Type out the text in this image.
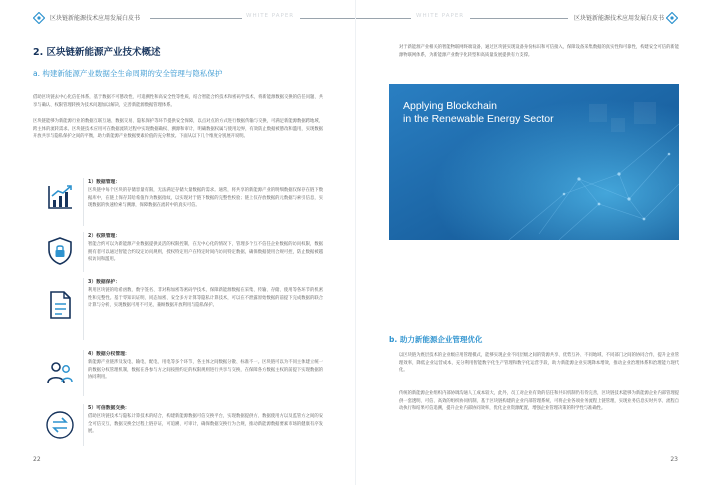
区块链新能源技术应用发展白皮书	WHITE PAPER
2. 区块链新能源产业技术概述
a. 构建新能源产业数据全生命周期的安全管理与隐私保护

借助区块链去中心化信任体系，基于数据不可篡改性、可追溯性和高安全性等性质，结合智能合约技术和密码学技术，将新能源数据交换的信任问题、共享与确认、权限管理转换为技术问题加以解决，完善新能源数据管理体系。

区块链能够为新能源行业的数据互联互通、数据交易、隐私保护等环节提供安全保障，以点对点的方式进行数据传输与交换，可满足新能源数据跨地域、跨主体的流转需求。区块链技术应用可在数据流转过程中实现数据确权、溯源和审计，明确数据权属与使用边界，有效防止数据被篡改和滥用，实现数据开放共享与隐私保护之间的平衡，助力新能源产业数据要素价值的充分释放。下面从以下几个维度分别展开说明。

1）数据管理：
区块链中每个区块的存储容量有限，无法满足存储大量数据的需求。通常，将共享的新能源产业的明细数据仅保存在链下数据库中，在链上保存其哈希值作为数据指纹，以实现对于链下数据的完整性校验；链上仅存放数据的元数据与索引信息，实现数据的快速检索与溯源，保障数据在流转中的真实可信。
2）权限管理：
智能合约可以为新能源产业数据提供灵活的权限控制，在无中心化的情况下，管理多个互不信任企业数据的访问权限，数据拥有者可以通过智能合约设定访问规则，授权特定用户在特定时间内访问特定数据，确保数据使用合规可控，防止数据被越权访问和滥用。
3）数据保护：
利用区块链的哈希函数、数字签名、非对称加密等密码学技术，保障新能源数据在采集、传输、存储、使用等各环节的机密性和完整性。基于零知识证明、同态加密、安全多方计算等隐私计算技术，可以在不泄露原始数据的前提下完成数据的联合计算与分析，实现数据可用不可见，兼顾数据开放利用与隐私保护。
4）数据分权管理：
新能源产业链涉及发电、输电、配电、用电等多个环节，各主体之间数据分散、标准不一。区块链可以为不同主体建立统一的数据分权管理机制，数据在各参与方之间按照约定的权限规则进行共享与交换，在保障各方数据主权的前提下实现数据的协同利用。
5）可信数据交换：
借助区块链技术与隐私计算技术的结合，构建新能源数据可信交换平台，实现数据提供方、数据使用方以及监管方之间的安全可信交互，数据交换全过程上链存证，可追溯、可审计，确保数据交换行为合规，推动新能源数据要素市场的健康有序发展。
22
WHITE PAPER	区块链新能源技术应用发展白皮书

对于新能源产业相关的智能物联网终端设备，通过区块链实现设备身份标识和可信接入，保障设备采集数据的真实性和可靠性，构建安全可信的新能源物联网体系，为新能源产业数字化转型和高质量发展提供有力支撑。

Applying Blockchain
in the Renewable Energy Sector
b. 助力新能源企业管理优化

以区块链为底层技术的企业级应用管理模式，能够实现企业不同层级之间的资源共享、优势互补、不同地域、不同部门之间的协同合作，提升企业管理效率，降低企业运营成本，充分利用智能数字化生产管理和数字化运营手段，助力新能源企业实现降本增效，推动企业治理体系和治理能力现代化。

传统的新能源企业组织内部协调沟通人工成本较大，此外，员工对企业有效的信任和共识机制仍有待完善，区块链技术能够为新能源企业内部管理提供一套透明、可信、高效的组织协同机制，基于区块链构建的企业内部管理系统，可将企业各项业务流程上链管理，实现业务信息实时共享、流程自动执行和结果可信追溯，提升企业内部协同效率，优化企业资源配置，增强企业管理决策的科学性与准确性。

23
